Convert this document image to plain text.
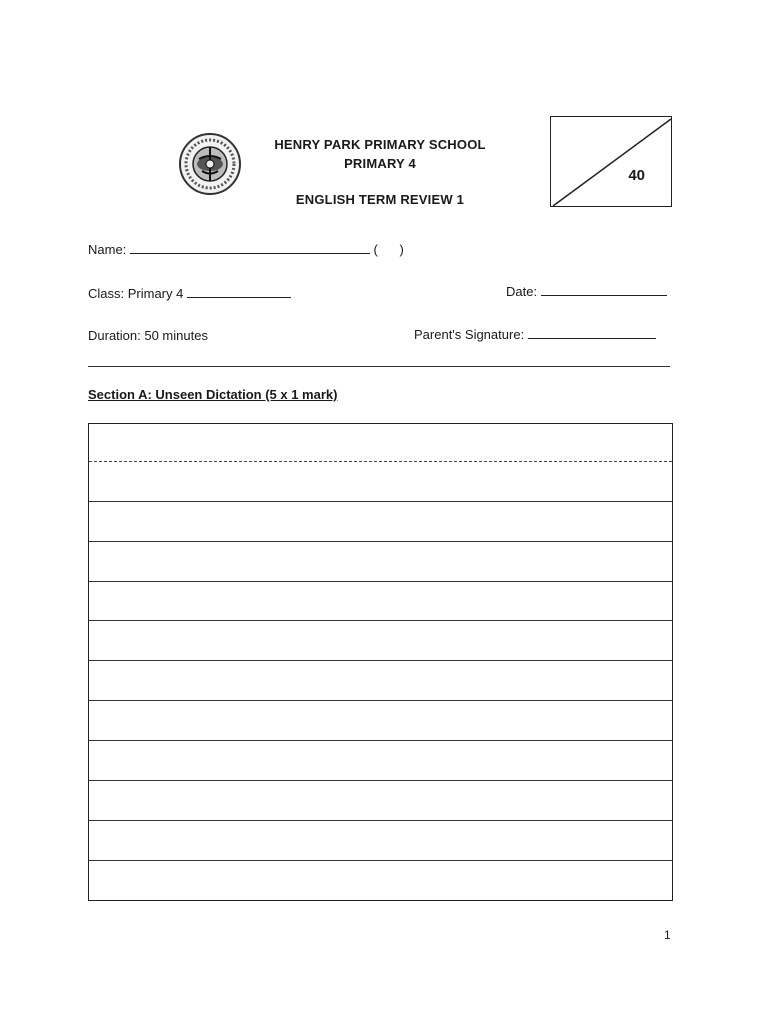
HENRY PARK PRIMARY SCHOOL
PRIMARY 4
ENGLISH TERM REVIEW 1
40
Name:	(      )
Class: Primary 4	Date:
Duration: 50 minutes	Parent's Signature:
Section A: Unseen Dictation (5 x 1 mark)
1
